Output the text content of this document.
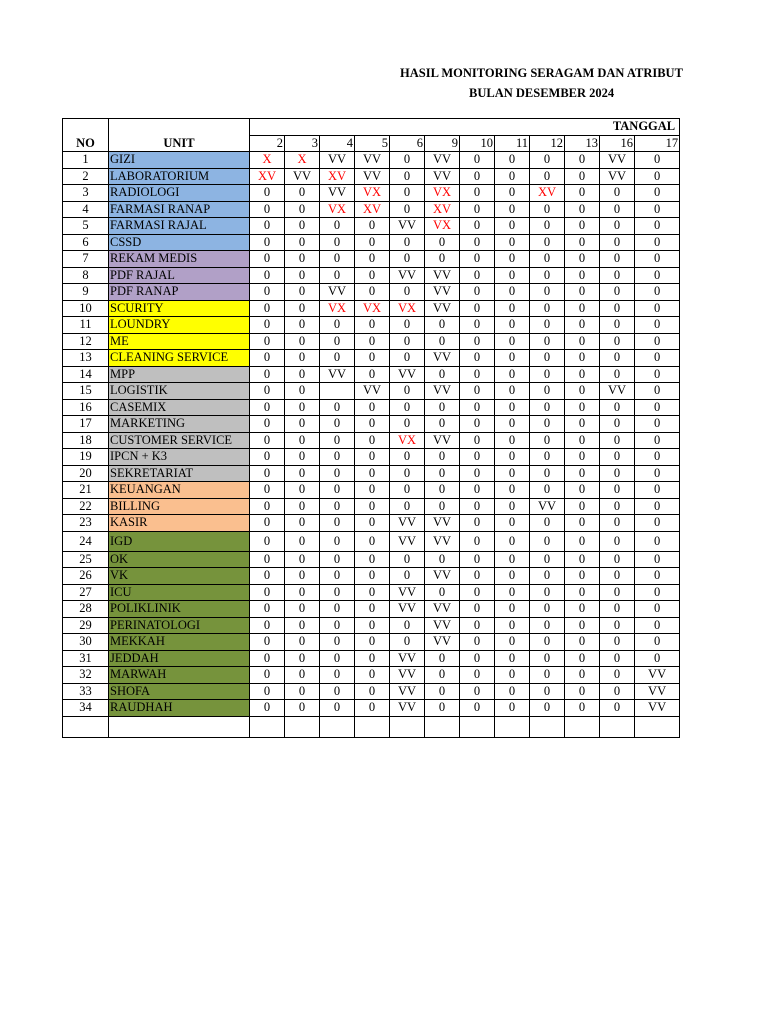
HASIL MONITORING SERAGAM DAN ATRIBUT
BULAN DESEMBER 2024
NO	UNIT	TANGGAL											
		2	3	4	5	6	9	10	11	12	13	16	17
1	GIZI	X	X	VV	VV	0	VV	0	0	0	0	VV	0
2	LABORATORIUM	XV	VV	XV	VV	0	VV	0	0	0	0	VV	0
3	RADIOLOGI	0	0	VV	VX	0	VX	0	0	XV	0	0	0
4	FARMASI RANAP	0	0	VX	XV	0	XV	0	0	0	0	0	0
5	FARMASI RAJAL	0	0	0	0	VV	VX	0	0	0	0	0	0
6	CSSD	0	0	0	0	0	0	0	0	0	0	0	0
7	REKAM MEDIS	0	0	0	0	0	0	0	0	0	0	0	0
8	PDF RAJAL	0	0	0	0	VV	VV	0	0	0	0	0	0
9	PDF RANAP	0	0	VV	0	0	VV	0	0	0	0	0	0
10	SCURITY	0	0	VX	VX	VX	VV	0	0	0	0	0	0
11	LOUNDRY	0	0	0	0	0	0	0	0	0	0	0	0
12	ME	0	0	0	0	0	0	0	0	0	0	0	0
13	CLEANING SERVICE	0	0	0	0	0	VV	0	0	0	0	0	0
14	MPP	0	0	VV	0	VV	0	0	0	0	0	0	0
15	LOGISTIK	0	0		VV	0	VV	0	0	0	0	VV	0
16	CASEMIX	0	0	0	0	0	0	0	0	0	0	0	0
17	MARKETING	0	0	0	0	0	0	0	0	0	0	0	0
18	CUSTOMER SERVICE	0	0	0	0	VX	VV	0	0	0	0	0	0
19	IPCN + K3	0	0	0	0	0	0	0	0	0	0	0	0
20	SEKRETARIAT	0	0	0	0	0	0	0	0	0	0	0	0
21	KEUANGAN	0	0	0	0	0	0	0	0	0	0	0	0
22	BILLING	0	0	0	0	0	0	0	0	VV	0	0	0
23	KASIR	0	0	0	0	VV	VV	0	0	0	0	0	0
24	IGD	0	0	0	0	VV	VV	0	0	0	0	0	0
25	OK	0	0	0	0	0	0	0	0	0	0	0	0
26	VK	0	0	0	0	0	VV	0	0	0	0	0	0
27	ICU	0	0	0	0	VV	0	0	0	0	0	0	0
28	POLIKLINIK	0	0	0	0	VV	VV	0	0	0	0	0	0
29	PERINATOLOGI	0	0	0	0	0	VV	0	0	0	0	0	0
30	MEKKAH	0	0	0	0	0	VV	0	0	0	0	0	0
31	JEDDAH	0	0	0	0	VV	0	0	0	0	0	0	0
32	MARWAH	0	0	0	0	VV	0	0	0	0	0	0	VV
33	SHOFA	0	0	0	0	VV	0	0	0	0	0	0	VV
34	RAUDHAH	0	0	0	0	VV	0	0	0	0	0	0	VV
